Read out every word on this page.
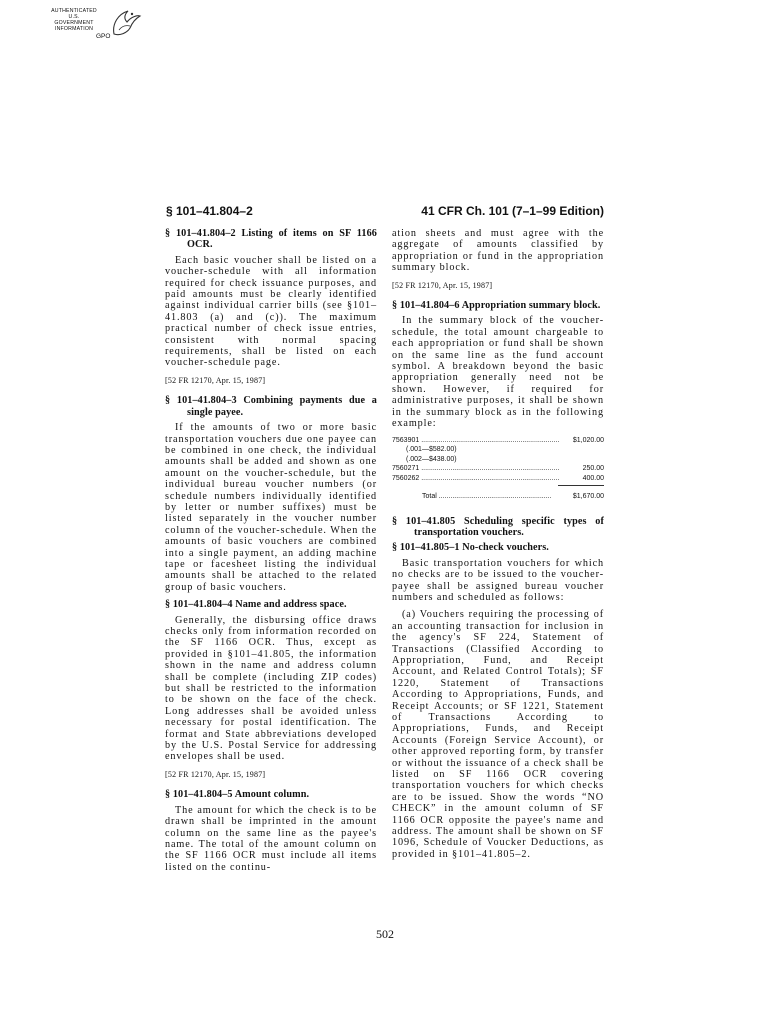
AUTHENTICATED
U.S. GOVERNMENT
INFORMATION
GPO
§ 101–41.804–2	41 CFR Ch. 101 (7–1–99 Edition)

§ 101–41.804–2 Listing of items on SF 1166 OCR.

Each basic voucher shall be listed on a voucher-schedule with all information required for check issuance purposes, and paid amounts must be clearly identified against individual carrier bills (see §101–41.803 (a) and (c)). The maximum practical number of check issue entries, consistent with normal spacing requirements, shall be listed on each voucher-schedule page.

[52 FR 12170, Apr. 15, 1987]

§ 101–41.804–3 Combining payments due a single payee.

If the amounts of two or more basic transportation vouchers due one payee can be combined in one check, the individual amounts shall be added and shown as one amount on the voucher-schedule, but the individual bureau voucher numbers (or schedule numbers individually identified by letter or number suffixes) must be listed separately in the voucher number column of the voucher-schedule. When the amounts of basic vouchers are combined into a single payment, an adding machine tape or facesheet listing the individual amounts shall be attached to the related group of basic vouchers.

§ 101–41.804–4 Name and address space.

Generally, the disbursing office draws checks only from information recorded on the SF 1166 OCR. Thus, except as provided in §101–41.805, the information shown in the name and address column shall be complete (including ZIP codes) but shall be restricted to the information to be shown on the face of the check. Long addresses shall be avoided unless necessary for postal identification. The format and State abbreviations developed by the U.S. Postal Service for addressing envelopes shall be used.

[52 FR 12170, Apr. 15, 1987]

§ 101–41.804–5 Amount column.

The amount for which the check is to be drawn shall be imprinted in the amount column on the same line as the payee's name. The total of the amount column on the SF 1166 OCR must include all items listed on the continu-

ation sheets and must agree with the aggregate of amounts classified by appropriation or fund in the appropriation summary block.

[52 FR 12170, Apr. 15, 1987]

§ 101–41.804–6 Appropriation summary block.

In the summary block of the voucher-schedule, the total amount chargeable to each appropriation or fund shall be shown on the same line as the fund account symbol. A breakdown beyond the basic appropriation generally need not be shown. However, if required for administrative purposes, it shall be shown in the summary block as in the following example:

7563901 .......................................................................	$1,020.00
(.001—$582.00)
(.002—$438.00)
7560271 .......................................................................	250.00
7560262 .......................................................................	400.00
Total ..........................................................	$1,670.00

§ 101–41.805 Scheduling specific types of transportation vouchers.

§ 101–41.805–1 No-check vouchers.

Basic transportation vouchers for which no checks are to be issued to the voucher-payee shall be assigned bureau voucher numbers and scheduled as follows:

(a) Vouchers requiring the processing of an accounting transaction for inclusion in the agency's SF 224, Statement of Transactions (Classified According to Appropriation, Fund, and Receipt Account, and Related Control Totals); SF 1220, Statement of Transactions According to Appropriations, Funds, and Receipt Accounts; or SF 1221, Statement of Transactions According to Appropriations, Funds, and Receipt Accounts (Foreign Service Account), or other approved reporting form, by transfer or without the issuance of a check shall be listed on SF 1166 OCR covering transportation vouchers for which checks are to be issued. Show the words “NO CHECK” in the amount column of SF 1166 OCR opposite the payee's name and address. The amount shall be shown on SF 1096, Schedule of Voucker Deductions, as provided in §101–41.805–2.

502
